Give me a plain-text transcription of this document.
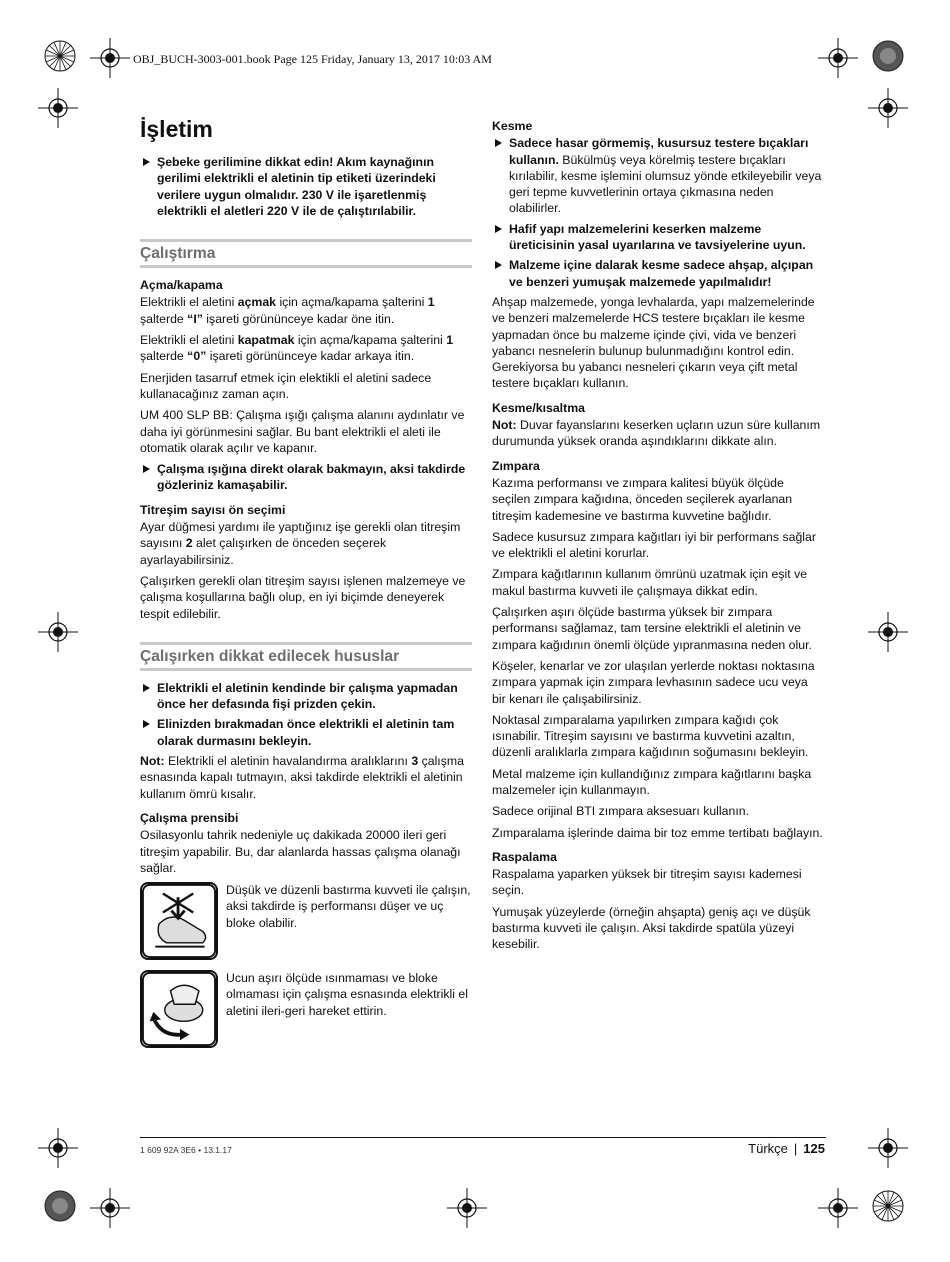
OBJ_BUCH-3003-001.book Page 125 Friday, January 13, 2017 10:03 AM
İşletim
Şebeke gerilimine dikkat edin! Akım kaynağının gerilimi elektrikli el aletinin tip etiketi üzerindeki verilere uygun olmalıdır. 230 V ile işaretlenmiş elektrikli el aletleri 220 V ile de çalıştırılabilir.
Çalıştırma
Açma/kapama

Elektrikli el aletini açmak için açma/kapama şalterini 1 şalterde “I” işareti görününceye kadar öne itin.

Elektrikli el aletini kapatmak için açma/kapama şalterini 1 şalterde “0” işareti görününceye kadar arkaya itin.

Enerjiden tasarruf etmek için elektikli el aletini sadece kullanacağınız zaman açın.

UM 400 SLP BB: Çalışma ışığı çalışma alanını aydınlatır ve daha iyi görünmesini sağlar. Bu bant elektrikli el aleti ile otomatik olarak açılır ve kapanır.

Çalışma ışığına direkt olarak bakmayın, aksi takdirde gözleriniz kamaşabilir.
Titreşim sayısı ön seçimi

Ayar düğmesi yardımı ile yaptığınız işe gerekli olan titreşim sayısını 2 alet çalışırken de önceden seçerek ayarlayabilirsiniz.

Çalışırken gerekli olan titreşim sayısı işlenen malzemeye ve çalışma koşullarına bağlı olup, en iyi biçimde deneyerek tespit edilebilir.

Çalışırken dikkat edilecek hususlar
Elektrikli el aletinin kendinde bir çalışma yapmadan önce her defasında fişi prizden çekin.
Elinizden bırakmadan önce elektrikli el aletinin tam olarak durmasını bekleyin.

Not: Elektrikli el aletinin havalandırma aralıklarını 3 çalışma esnasında kapalı tutmayın, aksi takdirde elektrikli el aletinin kullanım ömrü kısalır.

Çalışma prensibi

Osilasyonlu tahrik nedeniyle uç dakikada 20000 ileri geri titreşim yapabilir. Bu, dar alanlarda hassas çalışma olanağı sağlar.

Düşük ve düzenli bastırma kuvveti ile çalışın, aksi takdirde iş performansı düşer ve uç bloke olabilir.
Ucun aşırı ölçüde ısınmaması ve bloke olmaması için çalışma esnasında elektrikli el aletini ileri-geri hareket ettirin.
Kesme
Sadece hasar görmemiş, kusursuz testere bıçakları kullanın. Bükülmüş veya körelmiş testere bıçakları kırılabilir, kesme işlemini olumsuz yönde etkileyebilir veya geri tepme kuvvetlerinin ortaya çıkmasına neden olabilirler.
Hafif yapı malzemelerini keserken malzeme üreticisinin yasal uyarılarına ve tavsiyelerine uyun.
Malzeme içine dalarak kesme sadece ahşap, alçıpan ve benzeri yumuşak malzemede yapılmalıdır!

Ahşap malzemede, yonga levhalarda, yapı malzemelerinde ve benzeri malzemelerde HCS testere bıçakları ile kesme yapmadan önce bu malzeme içinde çivi, vida ve benzeri yabancı nesnelerin bulunup bulunmadığını kontrol edin. Gerekiyorsa bu yabancı nesneleri çıkarın veya çift metal testere bıçakları kullanın.

Kesme/kısaltma

Not: Duvar fayanslarını keserken uçların uzun süre kullanım durumunda yüksek oranda aşındıklarını dikkate alın.

Zımpara

Kazıma performansı ve zımpara kalitesi büyük ölçüde seçilen zımpara kağıdına, önceden seçilerek ayarlanan titreşim kademesine ve bastırma kuvvetine bağlıdır.

Sadece kusursuz zımpara kağıtları iyi bir performans sağlar ve elektrikli el aletini korurlar.

Zımpara kağıtlarının kullanım ömrünü uzatmak için eşit ve makul bastırma kuvveti ile çalışmaya dikkat edin.

Çalışırken aşırı ölçüde bastırma yüksek bir zımpara performansı sağlamaz, tam tersine elektrikli el aletinin ve zımpara kağıdının önemli ölçüde yıpranmasına neden olur.

Köşeler, kenarlar ve zor ulaşılan yerlerde noktası noktasına zımpara yapmak için zımpara levhasının sadece ucu veya bir kenarı ile çalışabilirsiniz.

Noktasal zımparalama yapılırken zımpara kağıdı çok ısınabilir. Titreşim sayısını ve bastırma kuvvetini azaltın, düzenli aralıklarla zımpara kağıdının soğumasını bekleyin.

Metal malzeme için kullandığınız zımpara kağıtlarını başka malzemeler için kullanmayın.

Sadece orijinal BTI zımpara aksesuarı kullanın.

Zımparalama işlerinde daima bir toz emme tertibatı bağlayın.

Raspalama

Raspalama yaparken yüksek bir titreşim sayısı kademesi seçin.

Yumuşak yüzeylerde (örneğin ahşapta) geniş açı ve düşük bastırma kuvveti ile çalışın. Aksi takdirde spatüla yüzeyi kesebilir.

1 609 92A 3E6 • 13.1.17	Türkçe | 125
